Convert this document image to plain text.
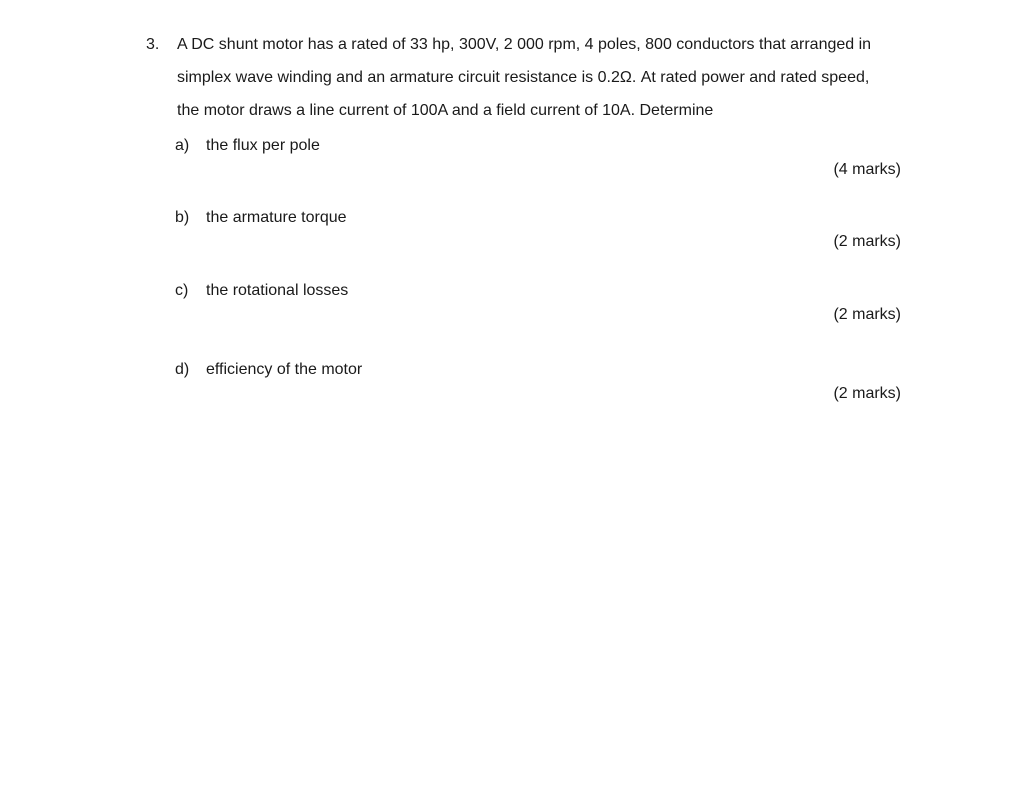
3. A DC shunt motor has a rated of 33 hp, 300V, 2 000 rpm, 4 poles, 800 conductors that arranged in
simplex wave winding and an armature circuit resistance is 0.2Ω. At rated power and rated speed,
the motor draws a line current of 100A and a field current of 10A. Determine
a) the flux per pole
(4 marks)
b) the armature torque
(2 marks)
c) the rotational losses
(2 marks)
d) efficiency of the motor
(2 marks)
